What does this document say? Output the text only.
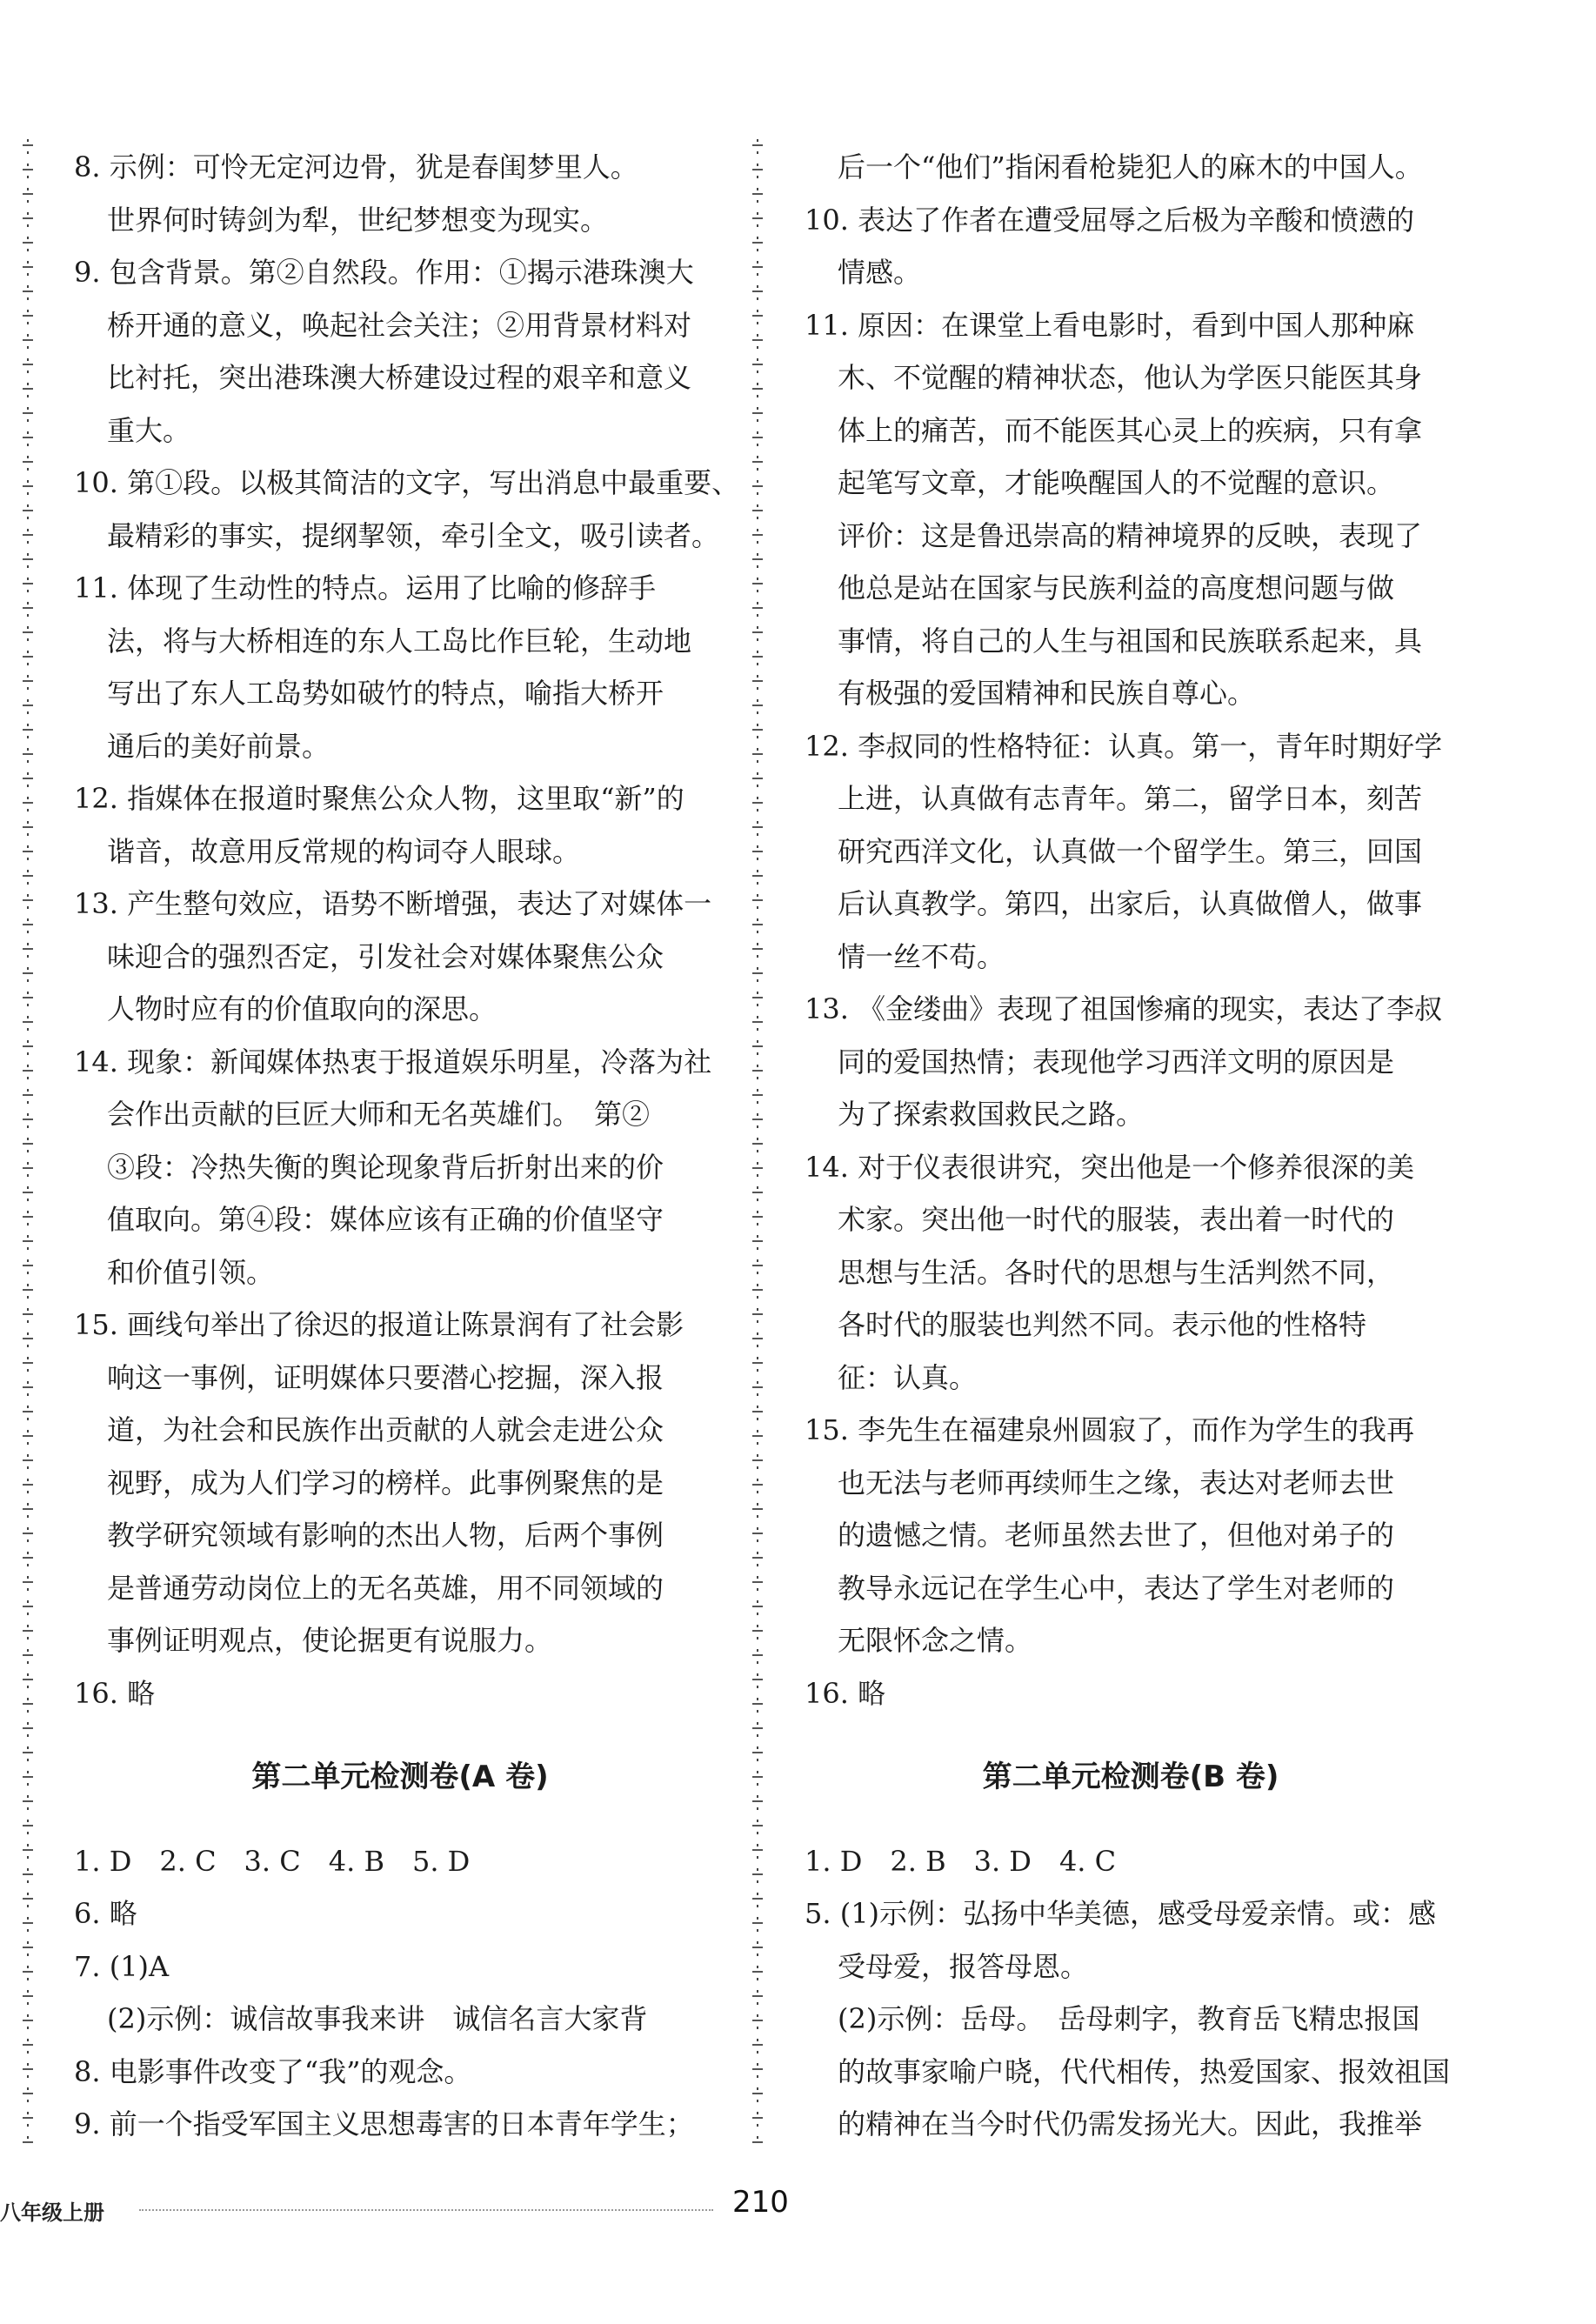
8. 示例：可怜无定河边骨，犹是春闺梦里人。
世界何时铸剑为犁，世纪梦想变为现实。
9. 包含背景。第②自然段。作用：①揭示港珠澳大
桥开通的意义，唤起社会关注；②用背景材料对
比衬托，突出港珠澳大桥建设过程的艰辛和意义
重大。
10. 第①段。以极其简洁的文字，写出消息中最重要、
最精彩的事实，提纲挈领，牵引全文，吸引读者。
11. 体现了生动性的特点。运用了比喻的修辞手
法，将与大桥相连的东人工岛比作巨轮，生动地
写出了东人工岛势如破竹的特点，喻指大桥开
通后的美好前景。
12. 指媒体在报道时聚焦公众人物，这里取“新”的
谐音，故意用反常规的构词夺人眼球。
13. 产生整句效应，语势不断增强，表达了对媒体一
味迎合的强烈否定，引发社会对媒体聚焦公众
人物时应有的价值取向的深思。
14. 现象：新闻媒体热衷于报道娱乐明星，冷落为社
会作出贡献的巨匠大师和无名英雄们。　第②
③段：冷热失衡的舆论现象背后折射出来的价
值取向。第④段：媒体应该有正确的价值坚守
和价值引领。
15. 画线句举出了徐迟的报道让陈景润有了社会影
响这一事例，证明媒体只要潜心挖掘，深入报
道，为社会和民族作出贡献的人就会走进公众
视野，成为人们学习的榜样。此事例聚焦的是
教学研究领域有影响的杰出人物，后两个事例
是普通劳动岗位上的无名英雄，用不同领域的
事例证明观点，使论据更有说服力。
16. 略
第二单元检测卷(A 卷)
1. D　2. C　3. C　4. B　5. D
6. 略
7. (1)A
(2)示例：诚信故事我来讲　诚信名言大家背
8. 电影事件改变了“我”的观念。
9. 前一个指受军国主义思想毒害的日本青年学生；
后一个“他们”指闲看枪毙犯人的麻木的中国人。
10. 表达了作者在遭受屈辱之后极为辛酸和愤懑的
情感。
11. 原因：在课堂上看电影时，看到中国人那种麻
木、不觉醒的精神状态，他认为学医只能医其身
体上的痛苦，而不能医其心灵上的疾病，只有拿
起笔写文章，才能唤醒国人的不觉醒的意识。
评价：这是鲁迅崇高的精神境界的反映，表现了
他总是站在国家与民族利益的高度想问题与做
事情，将自己的人生与祖国和民族联系起来，具
有极强的爱国精神和民族自尊心。
12. 李叔同的性格特征：认真。第一，青年时期好学
上进，认真做有志青年。第二，留学日本，刻苦
研究西洋文化，认真做一个留学生。第三，回国
后认真教学。第四，出家后，认真做僧人，做事
情一丝不苟。
13. 《金缕曲》表现了祖国惨痛的现实，表达了李叔
同的爱国热情；表现他学习西洋文明的原因是
为了探索救国救民之路。
14. 对于仪表很讲究，突出他是一个修养很深的美
术家。突出他一时代的服装，表出着一时代的
思想与生活。各时代的思想与生活判然不同，
各时代的服装也判然不同。表示他的性格特
征：认真。
15. 李先生在福建泉州圆寂了，而作为学生的我再
也无法与老师再续师生之缘，表达对老师去世
的遗憾之情。老师虽然去世了，但他对弟子的
教导永远记在学生心中，表达了学生对老师的
无限怀念之情。
16. 略
第二单元检测卷(B 卷)
1. D　2. B　3. D　4. C
5. (1)示例：弘扬中华美德，感受母爱亲情。或：感
受母爱，报答母恩。
(2)示例：岳母。　岳母刺字，教育岳飞精忠报国
的故事家喻户晓，代代相传，热爱国家、报效祖国
的精神在当今时代仍需发扬光大。因此，我推举
八年级上册	210
